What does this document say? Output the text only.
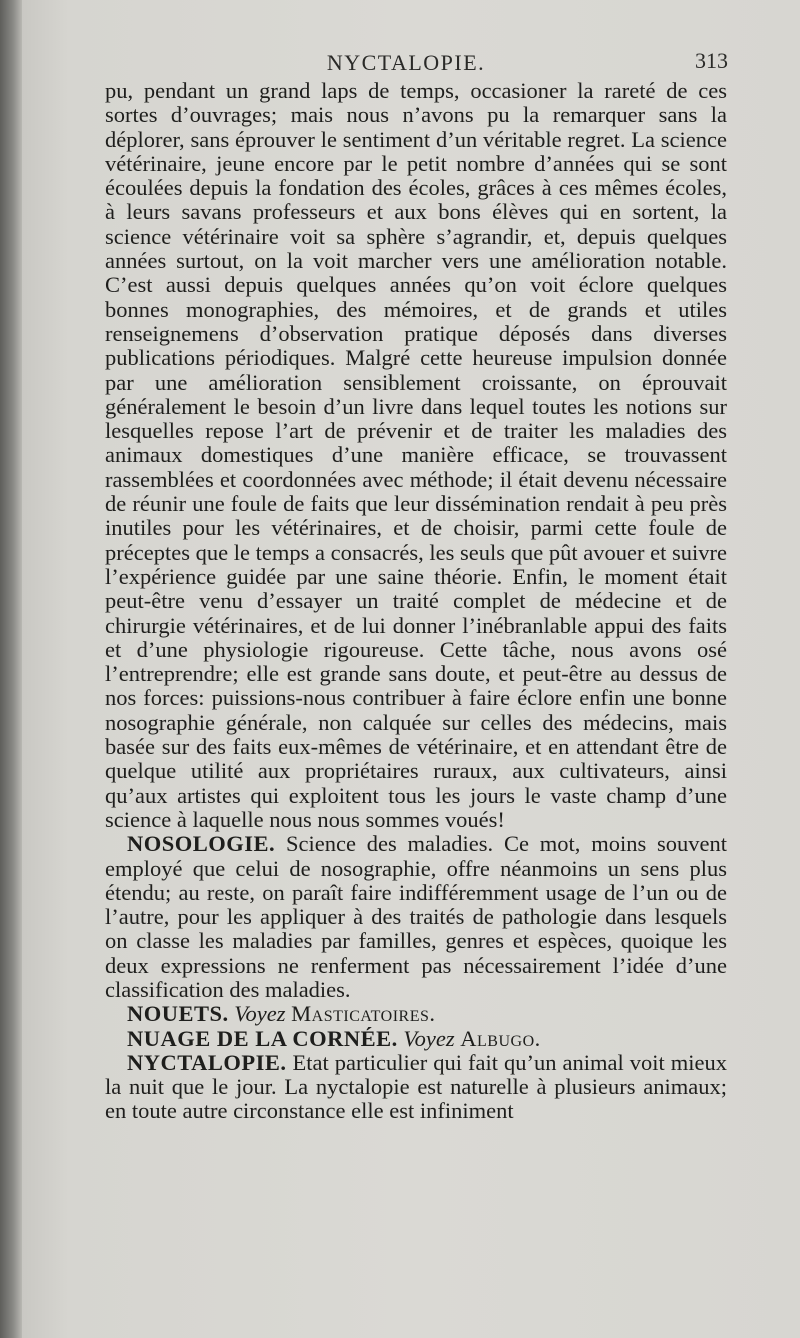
NYCTALOPIE.	313

pu, pendant un grand laps de temps, occasioner la rareté de ces sortes d’ouvrages; mais nous n’avons pu la remarquer sans la déplorer, sans éprouver le sentiment d’un véritable regret. La science vétérinaire, jeune encore par le petit nombre d’années qui se sont écoulées depuis la fondation des écoles, grâces à ces mêmes écoles, à leurs savans professeurs et aux bons élèves qui en sortent, la science vétérinaire voit sa sphère s’agrandir, et, depuis quelques années surtout, on la voit marcher vers une amélioration notable. C’est aussi depuis quelques années qu’on voit éclore quelques bonnes monographies, des mémoires, et de grands et utiles renseignemens d’observation pratique déposés dans diverses publications périodiques. Malgré cette heureuse impulsion donnée par une amélioration sensiblement croissante, on éprouvait généralement le besoin d’un livre dans lequel toutes les notions sur lesquelles repose l’art de prévenir et de traiter les maladies des animaux domestiques d’une manière efficace, se trouvassent rassemblées et coordonnées avec méthode; il était devenu nécessaire de réunir une foule de faits que leur dissémination rendait à peu près inutiles pour les vétérinaires, et de choisir, parmi cette foule de préceptes que le temps a consacrés, les seuls que pût avouer et suivre l’expérience guidée par une saine théorie. Enfin, le moment était peut-être venu d’essayer un traité complet de médecine et de chirurgie vétérinaires, et de lui donner l’inébranlable appui des faits et d’une physiologie rigoureuse. Cette tâche, nous avons osé l’entreprendre; elle est grande sans doute, et peut-être au dessus de nos forces: puissions-nous contribuer à faire éclore enfin une bonne nosographie générale, non calquée sur celles des médecins, mais basée sur des faits eux-mêmes de vétérinaire, et en attendant être de quelque utilité aux propriétaires ruraux, aux cultivateurs, ainsi qu’aux artistes qui exploitent tous les jours le vaste champ d’une science à laquelle nous nous sommes voués!

NOSOLOGIE. Science des maladies. Ce mot, moins souvent employé que celui de nosographie, offre néanmoins un sens plus étendu; au reste, on paraît faire indifféremment usage de l’un ou de l’autre, pour les appliquer à des traités de pathologie dans lesquels on classe les maladies par familles, genres et espèces, quoique les deux expressions ne renferment pas nécessairement l’idée d’une classification des maladies.

NOUETS. Voyez Masticatoires.

NUAGE DE LA CORNÉE. Voyez Albugo.

NYCTALOPIE. Etat particulier qui fait qu’un animal voit mieux la nuit que le jour. La nyctalopie est naturelle à plusieurs animaux; en toute autre circonstance elle est infiniment
